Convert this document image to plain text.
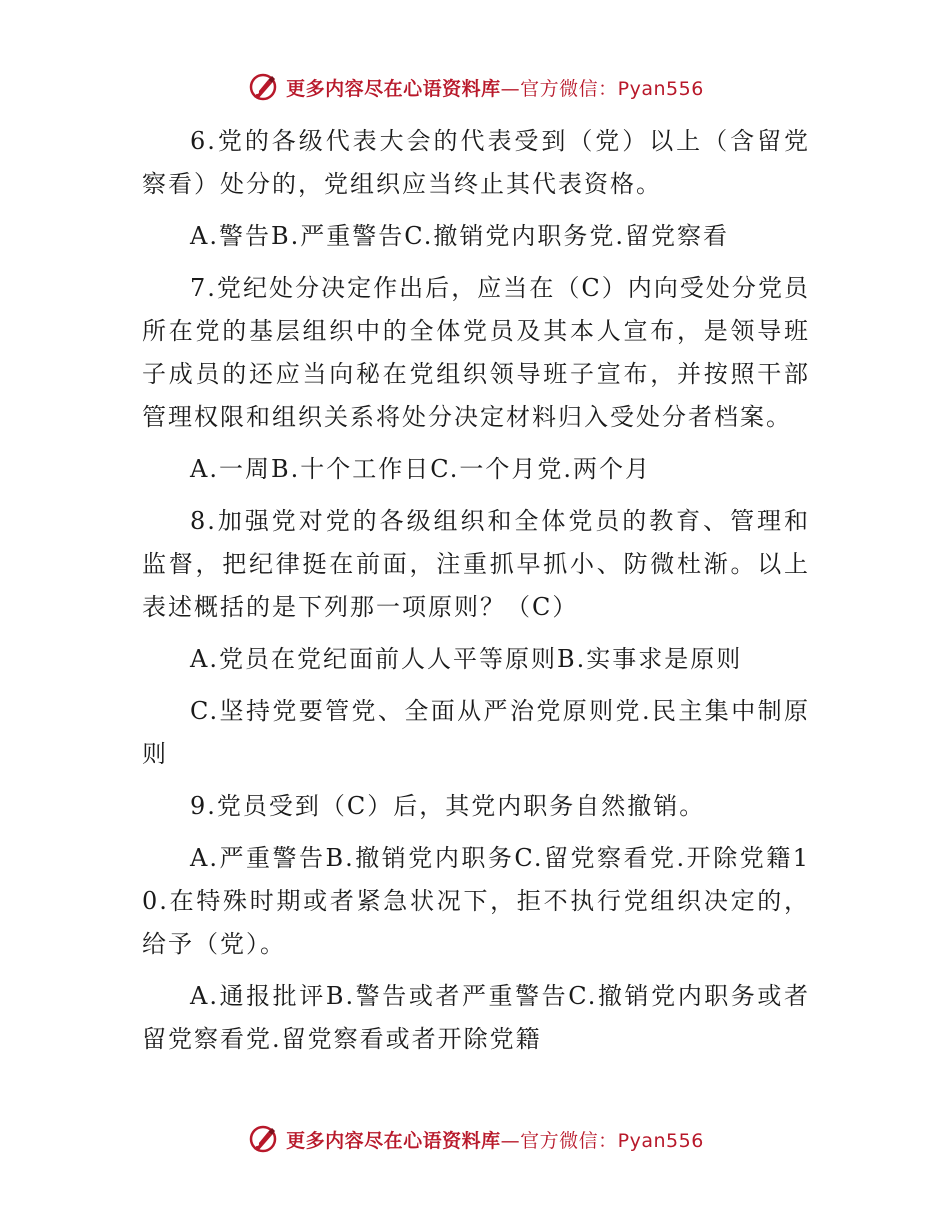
更多内容尽在心语资料库—官方微信：Pyan556

6.党的各级代表大会的代表受到（党）以上（含留党察看）处分的，党组织应当终止其代表资格。

A.警告B.严重警告C.撤销党内职务党.留党察看

7.党纪处分决定作出后，应当在（C）内向受处分党员所在党的基层组织中的全体党员及其本人宣布，是领导班子成员的还应当向秘在党组织领导班子宣布，并按照干部管理权限和组织关系将处分决定材料归入受处分者档案。

A.一周B.十个工作日C.一个月党.两个月

8.加强党对党的各级组织和全体党员的教育、管理和监督，把纪律挺在前面，注重抓早抓小、防微杜渐。以上表述概括的是下列那一项原则？（C）

A.党员在党纪面前人人平等原则B.实事求是原则

C.坚持党要管党、全面从严治党原则党.民主集中制原则

9.党员受到（C）后，其党内职务自然撤销。

A.严重警告B.撤销党内职务C.留党察看党.开除党籍10.在特殊时期或者紧急状况下，拒不执行党组织决定的，给予（党）。

A.通报批评B.警告或者严重警告C.撤销党内职务或者留党察看党.留党察看或者开除党籍

更多内容尽在心语资料库—官方微信：Pyan556
